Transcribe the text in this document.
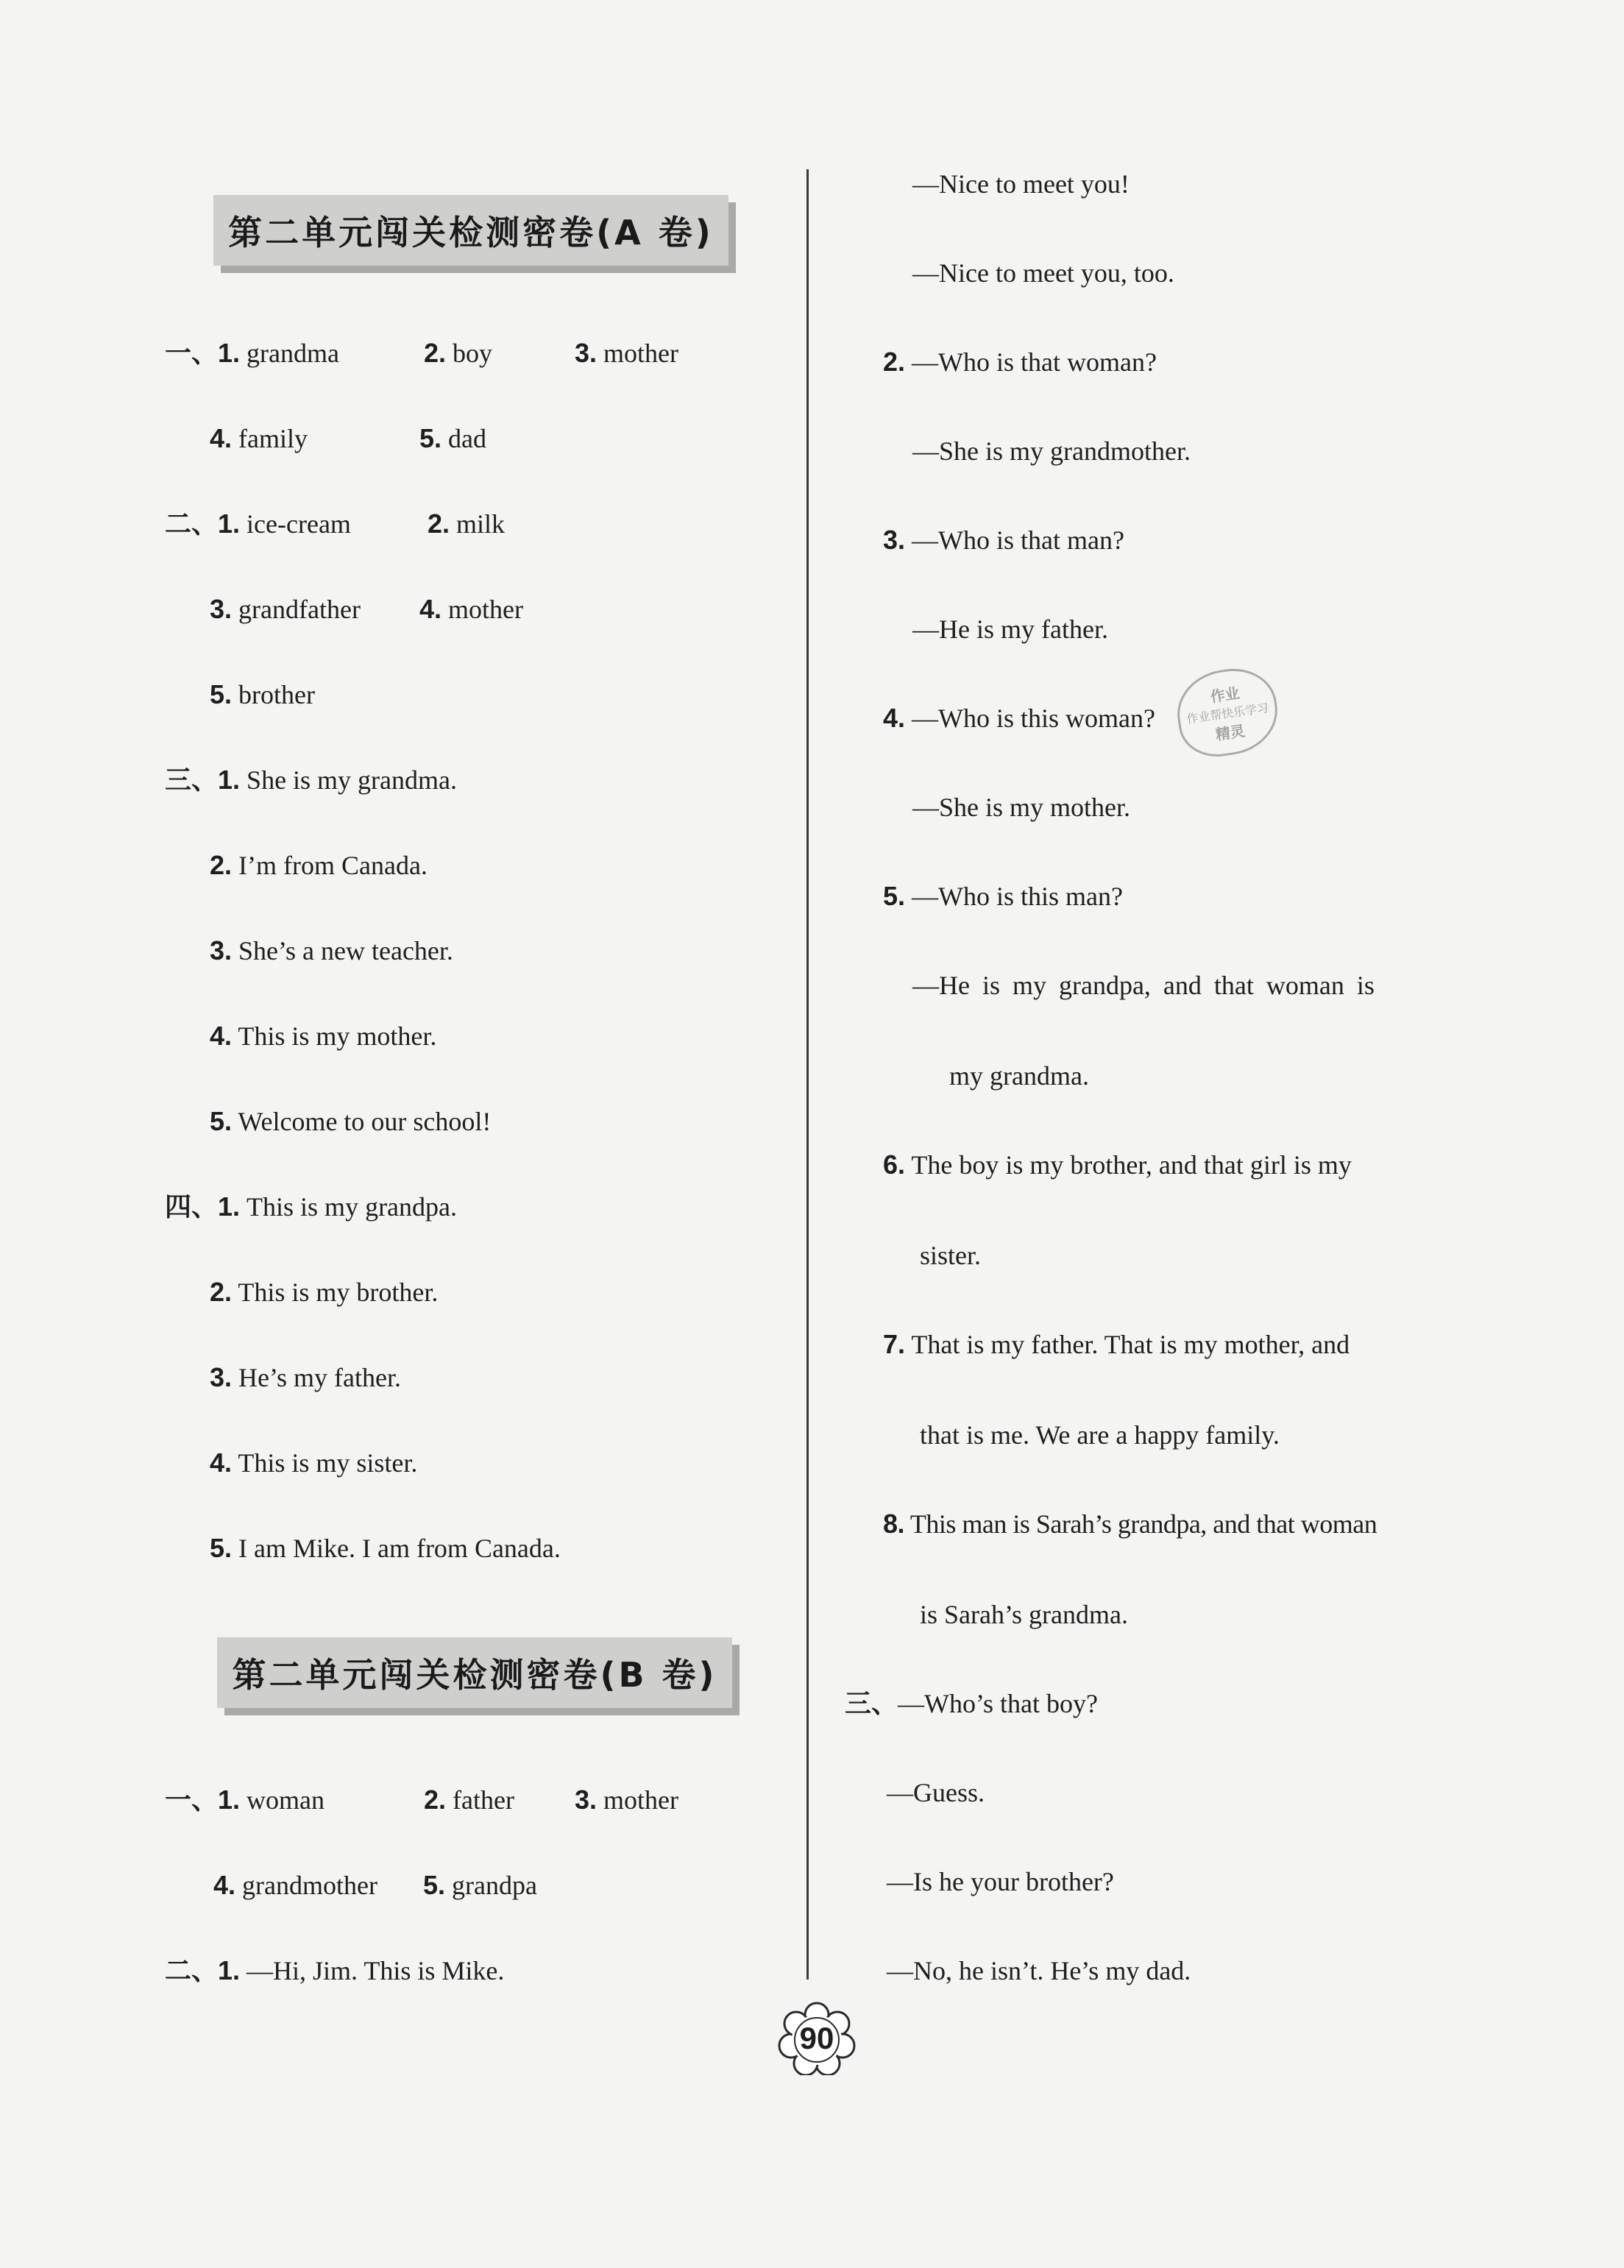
第二单元闯关检测密卷(A 卷)
一、1. grandma	2. boy	3. mother
4. family	5. dad
二、1. ice-cream	2. milk
3. grandfather 4. mother
5. brother
三、1. She is my grandma.
2. I’m from Canada.
3. She’s a new teacher.
4. This is my mother.
5. Welcome to our school!
四、1. This is my grandpa.
2. This is my brother.
3. He’s my father.
4. This is my sister.
5. I am Mike. I am from Canada.
第二单元闯关检测密卷(B 卷)
一、1. woman	2. father 3. mother
4. grandmother 5. grandpa
二、1. —Hi, Jim. This is Mike.
—Nice to meet you!
—Nice to meet you, too.
2. —Who is that woman?
—She is my grandmother.
3. —Who is that man?
—He is my father.
4. —Who is this woman?
—She is my mother.
5. —Who is this man?
—He is my grandpa, and that woman is
my grandma.
6. The boy is my brother, and that girl is my
sister.
7. That is my father. That is my mother, and
that is me. We are a happy family.
8. This man is Sarah’s grandpa, and that woman
is Sarah’s grandma.
三、—Who’s that boy?
—Guess.
—Is he your brother?
—No, he isn’t. He’s my dad.
作业
作业帮快乐学习
精灵
90
